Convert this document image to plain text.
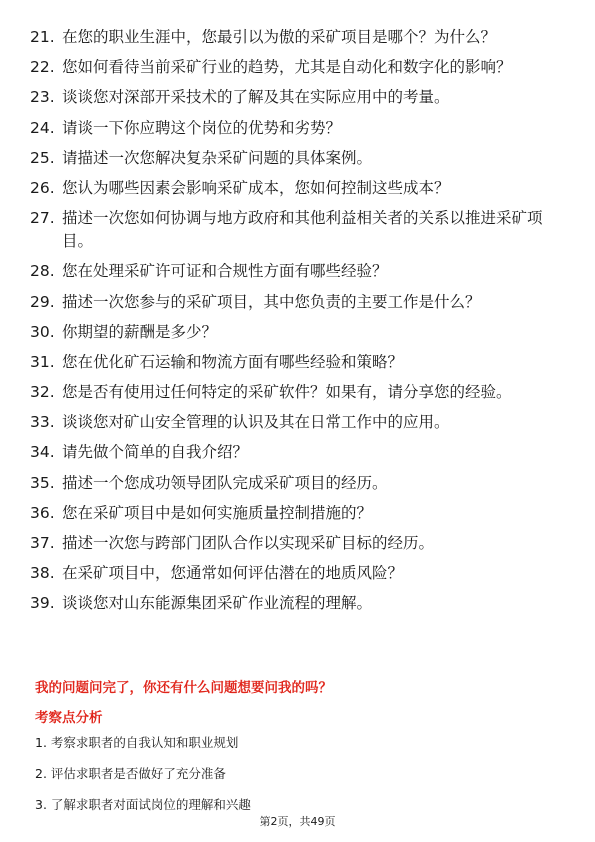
21. 在您的职业生涯中，您最引以为傲的采矿项目是哪个？为什么？
22. 您如何看待当前采矿行业的趋势，尤其是自动化和数字化的影响？
23. 谈谈您对深部开采技术的了解及其在实际应用中的考量。
24. 请谈一下你应聘这个岗位的优势和劣势？
25. 请描述一次您解决复杂采矿问题的具体案例。
26. 您认为哪些因素会影响采矿成本，您如何控制这些成本？
27. 描述一次您如何协调与地方政府和其他利益相关者的关系以推进采矿项目。
28. 您在处理采矿许可证和合规性方面有哪些经验？
29. 描述一次您参与的采矿项目，其中您负责的主要工作是什么？
30. 你期望的薪酬是多少？
31. 您在优化矿石运输和物流方面有哪些经验和策略？
32. 您是否有使用过任何特定的采矿软件？如果有，请分享您的经验。
33. 谈谈您对矿山安全管理的认识及其在日常工作中的应用。
34. 请先做个简单的自我介绍？
35. 描述一个您成功领导团队完成采矿项目的经历。
36. 您在采矿项目中是如何实施质量控制措施的？
37. 描述一次您与跨部门团队合作以实现采矿目标的经历。
38. 在采矿项目中，您通常如何评估潜在的地质风险？
39. 谈谈您对山东能源集团采矿作业流程的理解。
我的问题问完了，你还有什么问题想要问我的吗？
考察点分析
1. 考察求职者的自我认知和职业规划
2. 评估求职者是否做好了充分准备
3. 了解求职者对面试岗位的理解和兴趣
第2页，共49页
